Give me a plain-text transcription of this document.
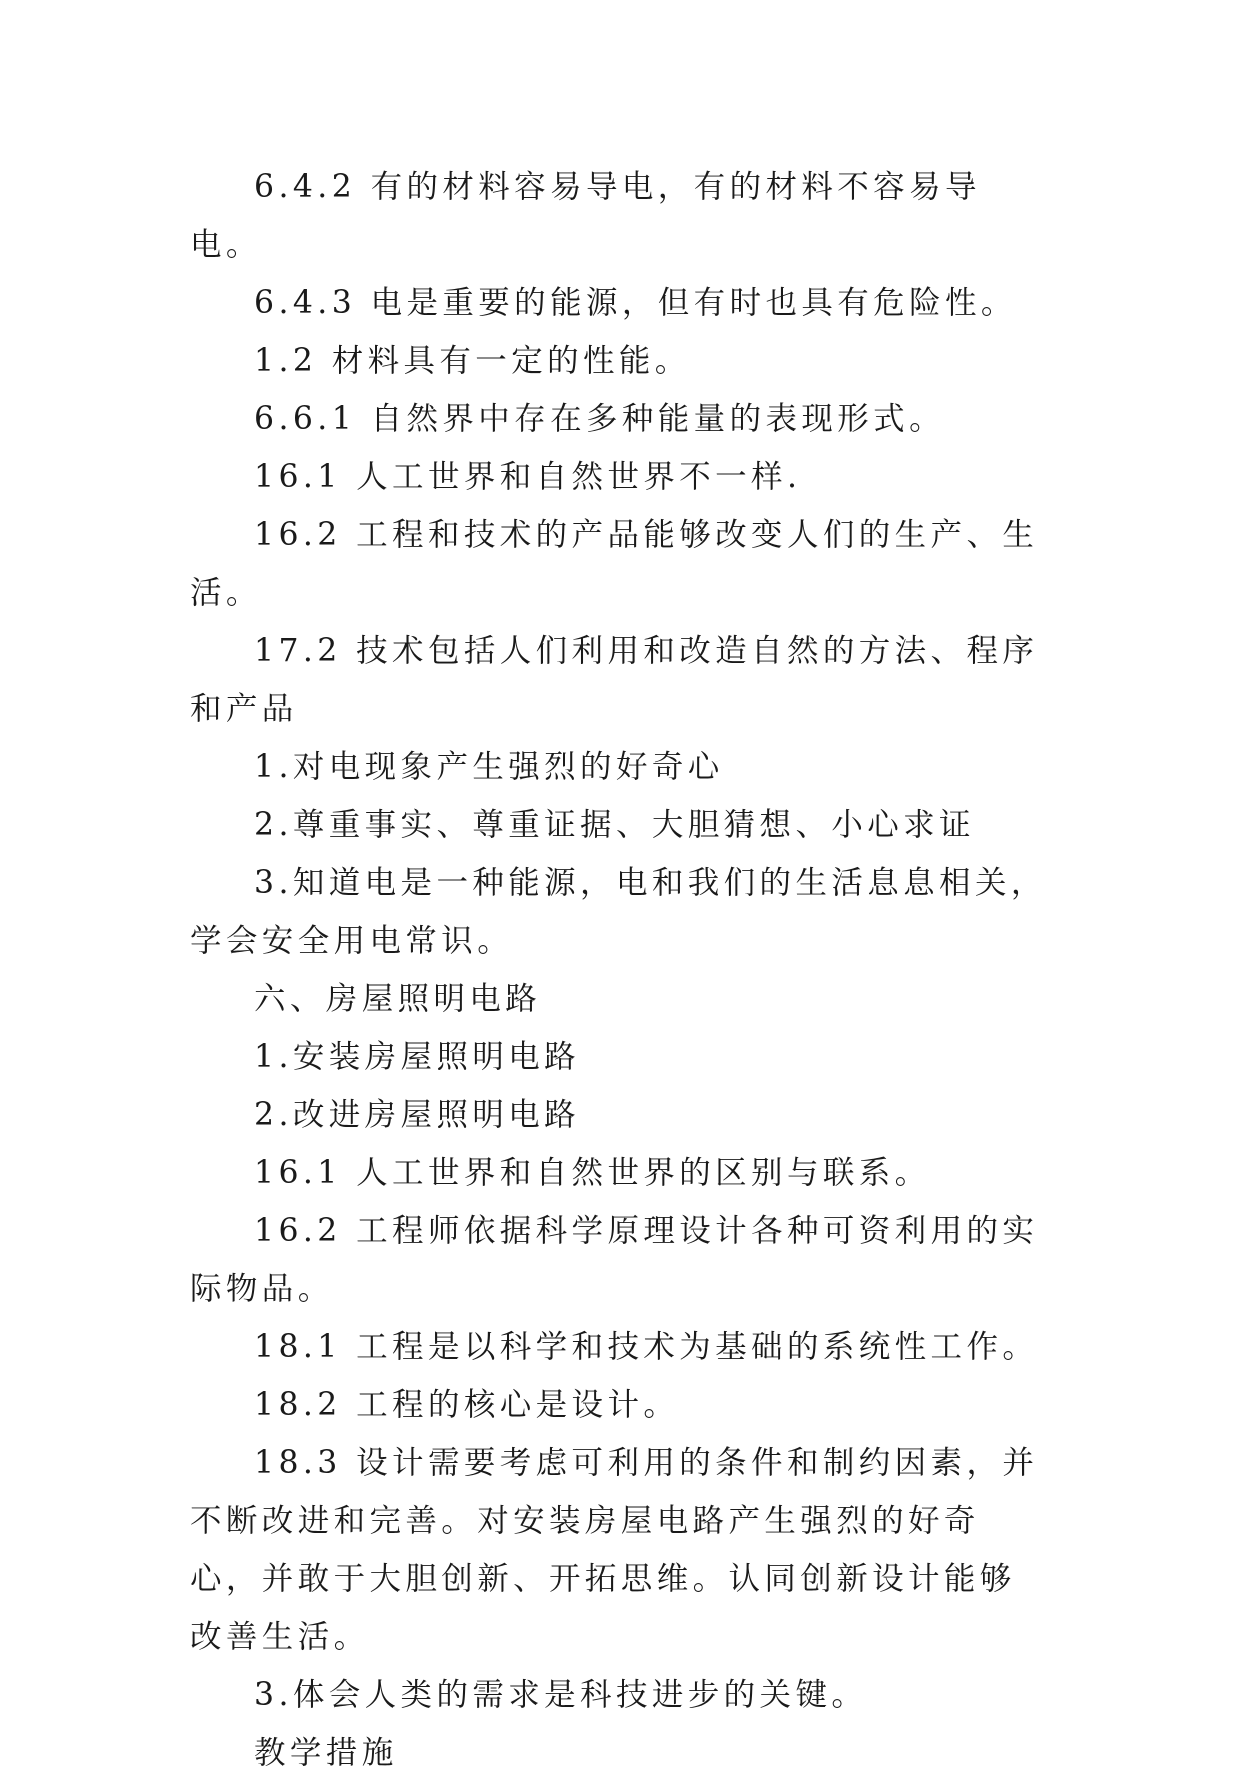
6.4.2 有的材料容易导电，有的材料不容易导电。

6.4.3 电是重要的能源，但有时也具有危险性。

1.2 材料具有一定的性能。

6.6.1 自然界中存在多种能量的表现形式。

16.1 人工世界和自然世界不一样.

16.2 工程和技术的产品能够改变人们的生产、生活。

17.2 技术包括人们利用和改造自然的方法、程序和产品

1.对电现象产生强烈的好奇心

2.尊重事实、尊重证据、大胆猜想、小心求证

3.知道电是一种能源，电和我们的生活息息相关，学会安全用电常识。

六、房屋照明电路

1.安装房屋照明电路

2.改进房屋照明电路

16.1 人工世界和自然世界的区别与联系。

16.2 工程师依据科学原理设计各种可资利用的实际物品。

18.1 工程是以科学和技术为基础的系统性工作。

18.2 工程的核心是设计。

18.3 设计需要考虑可利用的条件和制约因素，并不断改进和完善。对安装房屋电路产生强烈的好奇心，并敢于大胆创新、开拓思维。认同创新设计能够改善生活。

3.体会人类的需求是科技进步的关键。

教学措施
